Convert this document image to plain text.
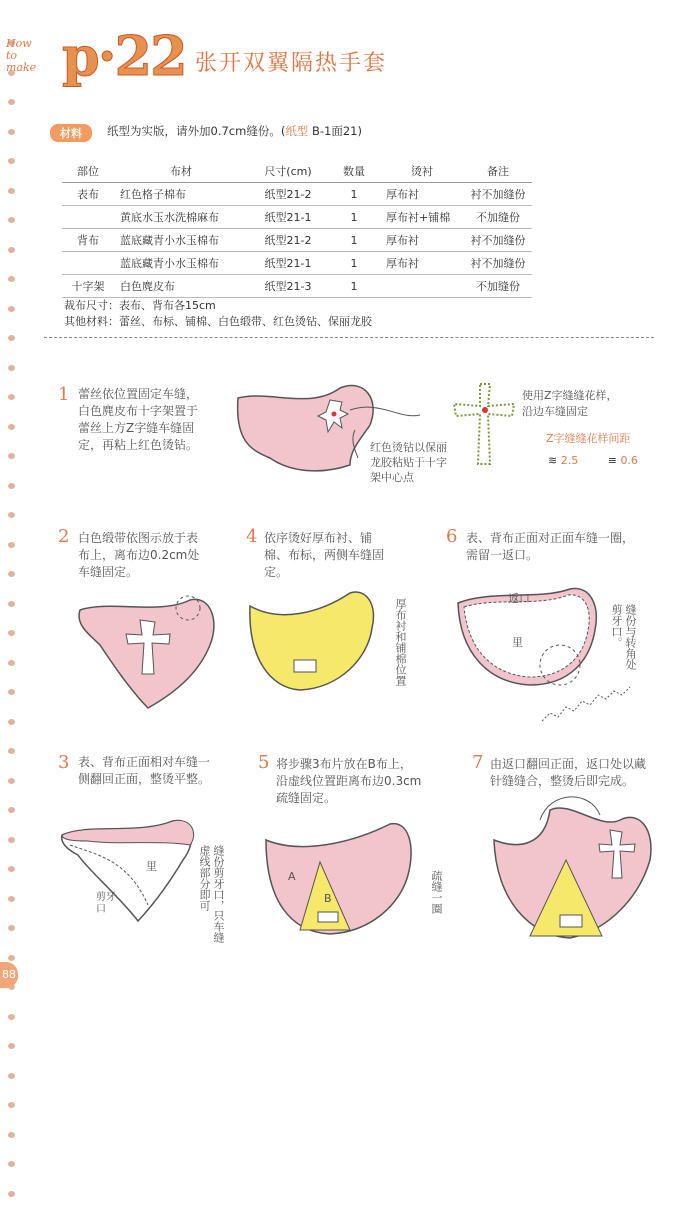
How
to
make p·22 张开双翼隔热手套
材料	纸型为实版，请外加0.7cm缝份。(纸型 B-1面21)
部位	布材	尺寸(cm)	数量	烫衬	备注
表布	红色格子棉布	纸型21-2	1	厚布衬	衬不加缝份
	黄底水玉水洗棉麻布	纸型21-1	1	厚布衬+铺棉	不加缝份
背布	蓝底藏青小水玉棉布	纸型21-2	1	厚布衬	衬不加缝份
	蓝底藏青小水玉棉布	纸型21-1	1	厚布衬	衬不加缝份
十字架	白色麂皮布	纸型21-3	1		不加缝份
裁布尺寸：表布、背布各15cm
其他材料：蕾丝、布标、铺棉、白色缎带、红色烫钻、保丽龙胶
1 蕾丝依位置固定车缝，
白色麂皮布十字架置于
蕾丝上方Z字缝车缝固
定，再粘上红色烫钻。	红色烫钻以保丽
龙胶粘贴于十字
架中心点
使用Z字缝缝花样，
沿边车缝固定
Z字缝缝花样间距
≋ 2.5	≡ 0.6
2 白色缎带依图示放于表
布上，离布边0.2cm处
车缝固定。
4 依序烫好厚布衬、铺
棉、布标，两侧车缝固
定。
厚布衬和铺棉位置
6 表、背布正面对正面车缝一圈，
需留一返口。
返口
里	剪牙口。 缝份与转角处
3 表、背布正面相对车缝一
侧翻回正面，整烫平整。
里
剪牙
口	缝份剪牙口，
虚线部分即可
只车缝
5 将步骤3布片放在B布上，
沿虚线位置距离布边0.3cm
疏缝固定。
A
B	疏缝一圈
7 由返口翻回正面，返口处以藏
针缝缝合，整烫后即完成。
88
